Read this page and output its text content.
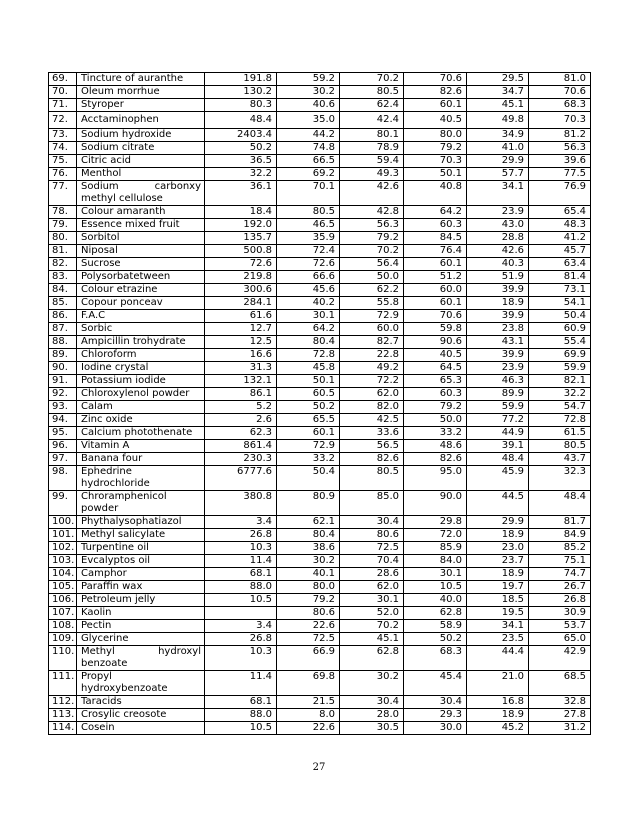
69.	Tincture of auranthe	191.8	59.2	70.2	70.6	29.5	81.0
70.	Oleum morrhue	130.2	30.2	80.5	82.6	34.7	70.6
71.	Styroper	80.3	40.6	62.4	60.1	45.1	68.3
72.	Acctaminophen	48.4	35.0	42.4	40.5	49.8	70.3
73.	Sodium hydroxide	2403.4	44.2	80.1	80.0	34.9	81.2
74.	Sodium citrate	50.2	74.8	78.9	79.2	41.0	56.3
75.	Citric acid	36.5	66.5	59.4	70.3	29.9	39.6
76.	Menthol	32.2	69.2	49.3	50.1	57.7	77.5
77.	Sodium carbonxy methyl cellulose	36.1	70.1	42.6	40.8	34.1	76.9
78.	Colour amaranth	18.4	80.5	42.8	64.2	23.9	65.4
79.	Essence mixed fruit	192.0	46.5	56.3	60.3	43.0	48.3
80.	Sorbitol	135.7	35.9	79.2	84.5	28.8	41.2
81.	Niposal	500.8	72.4	70.2	76.4	42.6	45.7
82.	Sucrose	72.6	72.6	56.4	60.1	40.3	63.4
83.	Polysorbatetween	219.8	66.6	50.0	51.2	51.9	81.4
84.	Colour etrazine	300.6	45.6	62.2	60.0	39.9	73.1
85.	Copour ponceav	284.1	40.2	55.8	60.1	18.9	54.1
86.	F.A.C	61.6	30.1	72.9	70.6	39.9	50.4
87.	Sorbic	12.7	64.2	60.0	59.8	23.8	60.9
88.	Ampicillin trohydrate	12.5	80.4	82.7	90.6	43.1	55.4
89.	Chloroform	16.6	72.8	22.8	40.5	39.9	69.9
90.	Iodine crystal	31.3	45.8	49.2	64.5	23.9	59.9
91.	Potassium iodide	132.1	50.1	72.2	65.3	46.3	82.1
92.	Chloroxylenol powder	86.1	60.5	62.0	60.3	89.9	32.2
93.	Calam	5.2	50.2	82.0	79.2	59.9	54.7
94.	Zinc oxide	2.6	65.5	42.5	50.0	77.2	72.8
95.	Calcium photothenate	62.3	60.1	33.6	33.2	44.9	61.5
96.	Vitamin A	861.4	72.9	56.5	48.6	39.1	80.5
97.	Banana four	230.3	33.2	82.6	82.6	48.4	43.7
98.	Ephedrine hydrochloride	6777.6	50.4	80.5	95.0	45.9	32.3
99.	Chroramphenicol powder	380.8	80.9	85.0	90.0	44.5	48.4
100.	Phythalysophatiazol	3.4	62.1	30.4	29.8	29.9	81.7
101.	Methyl salicylate	26.8	80.4	80.6	72.0	18.9	84.9
102.	Turpentine oil	10.3	38.6	72.5	85.9	23.0	85.2
103.	Evcalyptos oil	11.4	30.2	70.4	84.0	23.7	75.1
104.	Camphor	68.1	40.1	28.6	30.1	18.9	74.7
105.	Paraffin wax	88.0	80.0	62.0	10.5	19.7	26.7
106.	Petroleum jelly	10.5	79.2	30.1	40.0	18.5	26.8
107.	Kaolin		80.6	52.0	62.8	19.5	30.9
108.	Pectin	3.4	22.6	70.2	58.9	34.1	53.7
109.	Glycerine	26.8	72.5	45.1	50.2	23.5	65.0
110.	Methyl hydroxyl benzoate	10.3	66.9	62.8	68.3	44.4	42.9
111.	Propyl hydroxybenzoate	11.4	69.8	30.2	45.4	21.0	68.5
112.	Taracids	68.1	21.5	30.4	30.4	16.8	32.8
113.	Crosylic creosote	88.0	8.0	28.0	29.3	18.9	27.8
114.	Cosein	10.5	22.6	30.5	30.0	45.2	31.2
27
